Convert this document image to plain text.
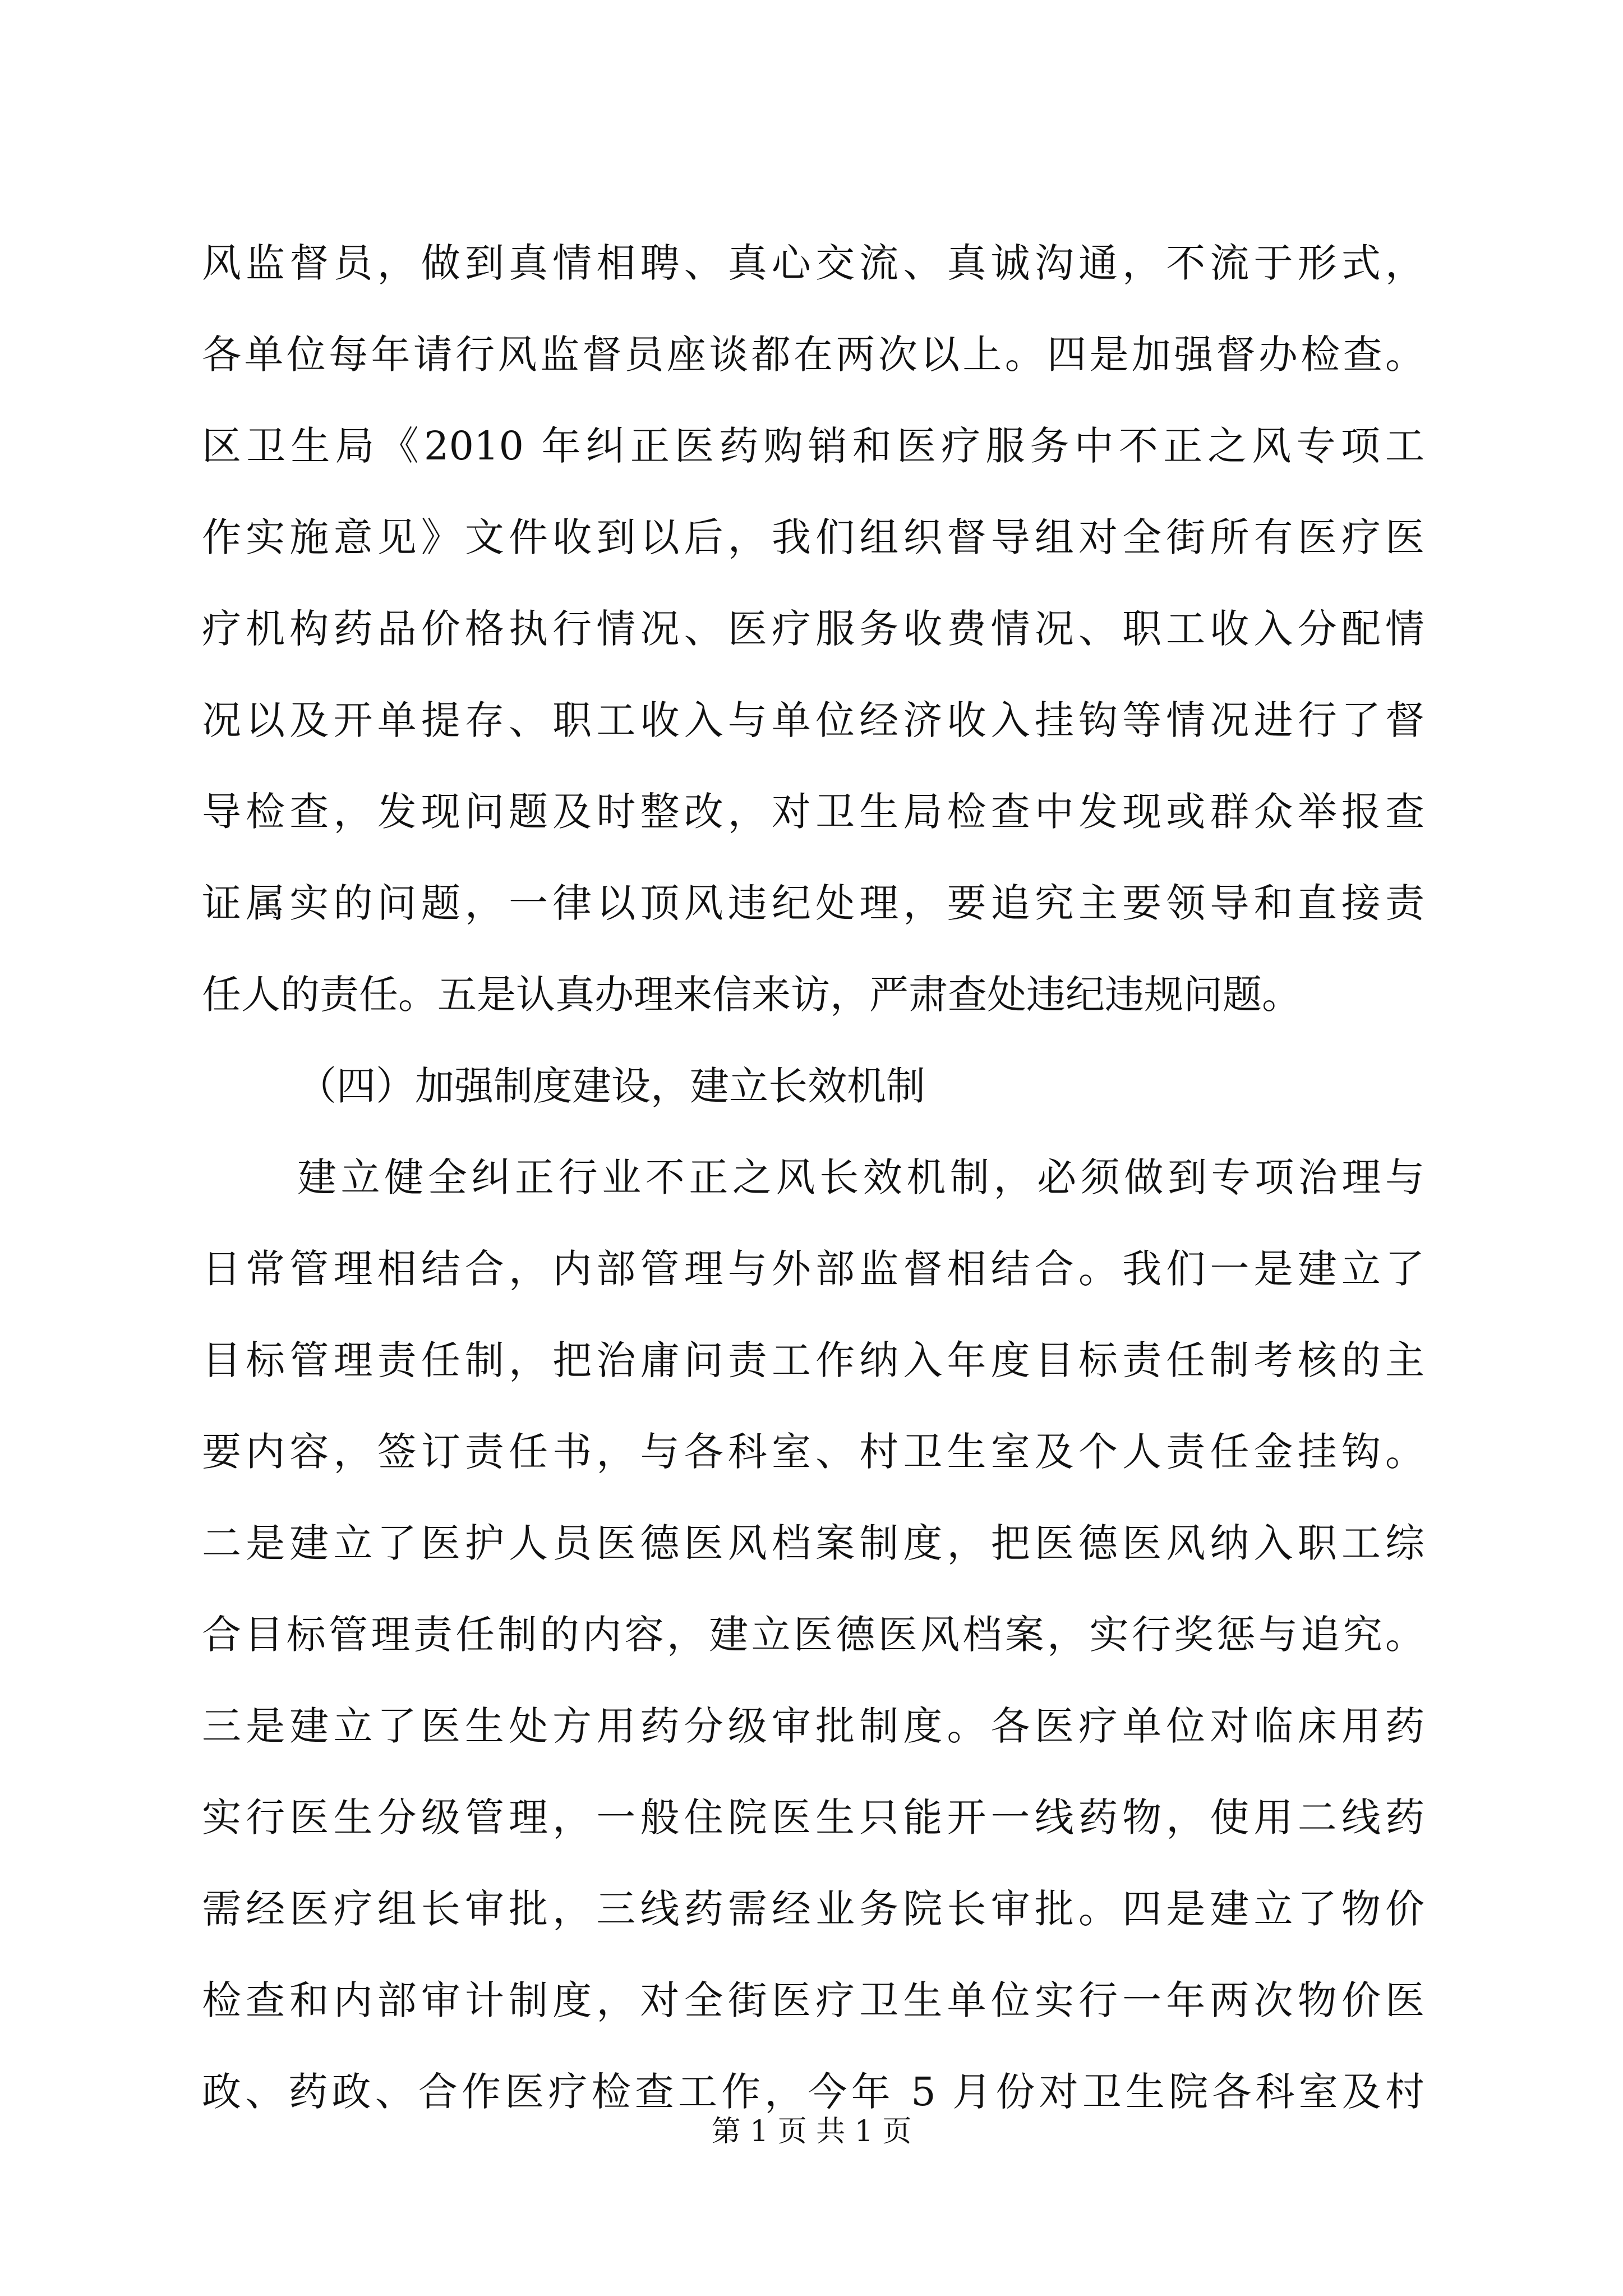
风监督员，做到真情相聘、真心交流、真诚沟通，不流于形式，
各单位每年请行风监督员座谈都在两次以上。四是加强督办检查。
区卫生局《2010 年纠正医药购销和医疗服务中不正之风专项工
作实施意见》文件收到以后，我们组织督导组对全街所有医疗医
疗机构药品价格执行情况、医疗服务收费情况、职工收入分配情
况以及开单提存、职工收入与单位经济收入挂钩等情况进行了督
导检查，发现问题及时整改，对卫生局检查中发现或群众举报查
证属实的问题，一律以顶风违纪处理，要追究主要领导和直接责
任人的责任。五是认真办理来信来访，严肃查处违纪违规问题。
（四）加强制度建设，建立长效机制
建立健全纠正行业不正之风长效机制，必须做到专项治理与
日常管理相结合，内部管理与外部监督相结合。我们一是建立了
目标管理责任制，把治庸问责工作纳入年度目标责任制考核的主
要内容，签订责任书，与各科室、村卫生室及个人责任金挂钩。
二是建立了医护人员医德医风档案制度，把医德医风纳入职工综
合目标管理责任制的内容，建立医德医风档案，实行奖惩与追究。
三是建立了医生处方用药分级审批制度。各医疗单位对临床用药
实行医生分级管理，一般住院医生只能开一线药物，使用二线药
需经医疗组长审批，三线药需经业务院长审批。四是建立了物价
检查和内部审计制度，对全街医疗卫生单位实行一年两次物价医
政、药政、合作医疗检查工作，今年 5 月份对卫生院各科室及村
第 1 页 共 1 页
